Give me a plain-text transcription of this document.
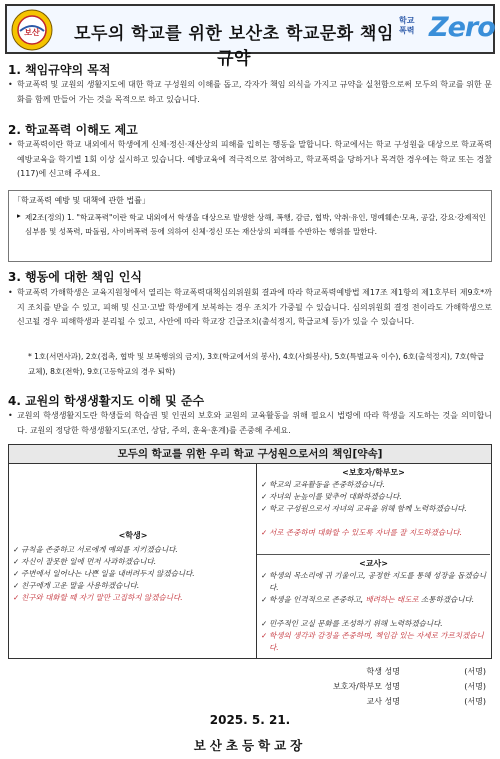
보산	모두의 학교를 위한 보산초 학교문화 책임규약
학교
폭력 Zero
1. 책임규약의 목적
• 학교폭력 및 교원의 생활지도에 대한 학교 구성원의 이해를 돕고, 각자가 책임 의식을 가지고 규약을 실천함으로써 모두의 학교를 위한 문화를 함께 만들어 가는 것을 목적으로 하고 있습니다.
2. 학교폭력 이해도 제고
• 학교폭력이란 학교 내외에서 학생에게 신체·정신·재산상의 피해를 입히는 행동을 말합니다. 학교에서는 학교 구성원을 대상으로 학교폭력 예방교육을 학기별 1회 이상 실시하고 있습니다. 예방교육에 적극적으로 참여하고, 학교폭력을 당하거나 목격한 경우에는 학교 또는 경찰(117)에 신고해 주세요.
「학교폭력 예방 및 대책에 관한 법률」
▸ 제2조(정의) 1. "학교폭력"이란 학교 내외에서 학생을 대상으로 발생한 상해, 폭행, 감금, 협박, 약취·유인, 명예훼손·모욕, 공갈, 강요·강제적인 심부름 및 성폭력, 따돌림, 사이버폭력 등에 의하여 신체·정신 또는 재산상의 피해를 수반하는 행위를 말한다.
3. 행동에 대한 책임 인식
• 학교폭력 가해학생은 교육지원청에서 열리는 학교폭력대책심의위원회 결과에 따라 학교폭력예방법 제17조 제1항의 제1호부터 제9호*까지 조치를 받을 수 있고, 피해 및 신고·고발 학생에게 보복하는 경우 조치가 가중될 수 있습니다. 심의위원회 결정 전이라도 가해학생으로 신고될 경우 피해학생과 분리될 수 있고, 사안에 따라 학교장 긴급조치(출석정지, 학급교체 등)가 있을 수 있습니다.
* 1호(서면사과), 2호(접촉, 협박 및 보복행위의 금지), 3호(학교에서의 봉사), 4호(사회봉사), 5호(특별교육 이수), 6호(출석정지), 7호(학급교체), 8호(전학), 9호(고등학교의 경우 퇴학)
4. 교원의 학생생활지도 이해 및 준수
• 교원의 학생생활지도란 학생들의 학습권 및 인권의 보호와 교원의 교육활동을 위해 필요시 법령에 따라 학생을 지도하는 것을 의미합니다. 교원의 정당한 학생생활지도(조언, 상담, 주의, 훈육·훈계)를 존중해 주세요.
모두의 학교를 위한 우리 학교 구성원으로서의 책임[약속]
<학생>
✓ 규칙을 존중하고 서로에게 예의를 지키겠습니다.
✓ 자신이 잘못한 일에 먼저 사과하겠습니다.
✓ 주변에서 일어나는 나쁜 일을 내버려두지 않겠습니다.
✓ 친구에게 고운 말을 사용하겠습니다.
✓ 친구와 대화할 때 자기 말만 고집하지 않겠습니다.
<보호자/학부모>
✓ 학교의 교육활동을 존중하겠습니다.
✓ 자녀의 눈높이를 맞추어 대화하겠습니다.
✓ 학교 구성원으로서 자녀의 교육을 위해 함께 노력하겠습니다.
✓ 서로 존중하며 대화할 수 있도록 자녀를 잘 지도하겠습니다.
<교사>
✓ 학생의 목소리에 귀 기울이고, 공정한 지도를 통해 성장을 돕겠습니다.
✓ 학생을 인격적으로 존중하고, 배려하는 태도로 소통하겠습니다.
✓ 민주적인 교실 문화를 조성하기 위해 노력하겠습니다.
✓ 학생의 생각과 감정을 존중하며, 책임감 있는 자세로 가르치겠습니다.
학생 성명	(서명)
보호자/학부모 성명	(서명)
교사 성명	(서명)
2025. 5. 21.
보산초등학교장
